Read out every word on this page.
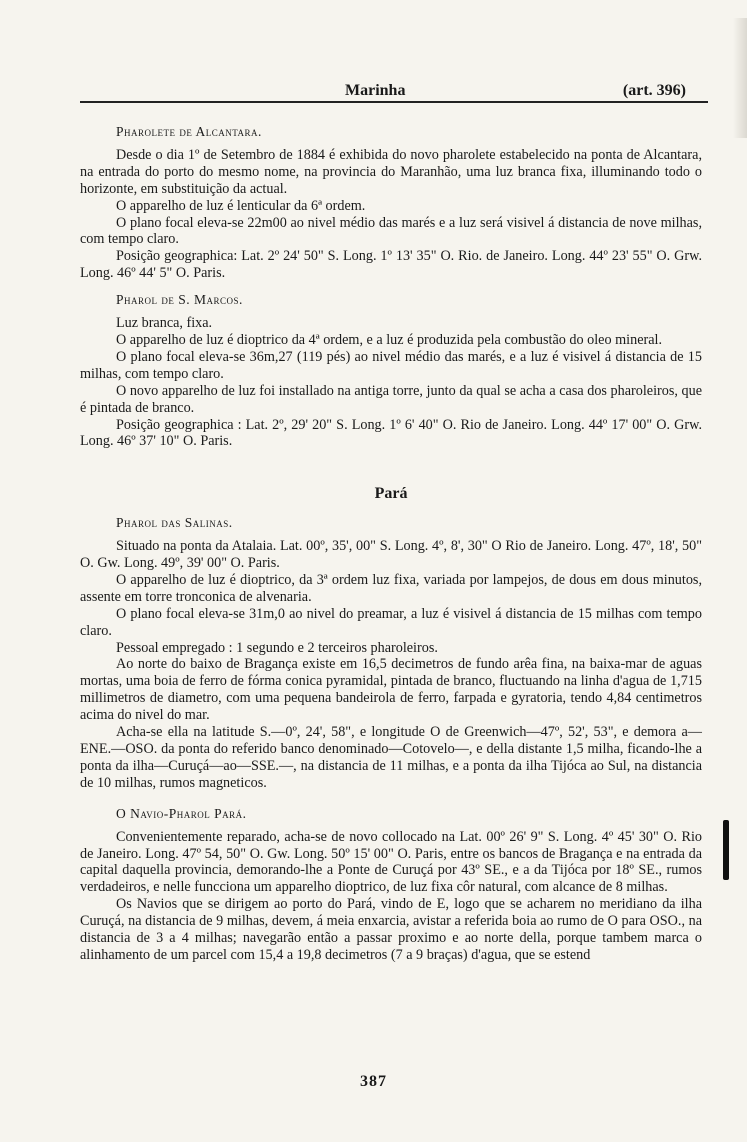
Marinha	(art. 396)
Pharolete de Alcantara.

Desde o dia 1º de Setembro de 1884 é exhibida do novo pharolete estabelecido na ponta de Alcantara, na entrada do porto do mesmo nome, na provincia do Maranhão, uma luz branca fixa, illuminando todo o horizonte, em substituição da actual.

O apparelho de luz é lenticular da 6ª ordem.

O plano focal eleva-se 22m00 ao nivel médio das marés e a luz será visivel á distancia de nove milhas, com tempo claro.

Posição geographica: Lat. 2º 24' 50" S. Long. 1º 13' 35" O. Rio. de Janeiro. Long. 44º 23' 55" O. Grw. Long. 46º 44' 5" O. Paris.

Pharol de S. Marcos.

Luz branca, fixa.

O apparelho de luz é dioptrico da 4ª ordem, e a luz é produzida pela combustão do oleo mineral.

O plano focal eleva-se 36m,27 (119 pés) ao nivel médio das marés, e a luz é visivel á distancia de 15 milhas, com tempo claro.

O novo apparelho de luz foi installado na antiga torre, junto da qual se acha a casa dos pharoleiros, que é pintada de branco.

Posição geographica : Lat. 2º, 29' 20" S. Long. 1º 6' 40" O. Rio de Janeiro. Long. 44º 17' 00" O. Grw. Long. 46º 37' 10" O. Paris.

Pará
Pharol das Salinas.

Situado na ponta da Atalaia. Lat. 00º, 35', 00" S. Long. 4º, 8', 30" O Rio de Janeiro. Long. 47º, 18', 50" O. Gw. Long. 49º, 39' 00" O. Paris.

O apparelho de luz é dioptrico, da 3ª ordem luz fixa, variada por lampejos, de dous em dous minutos, assente em torre tronconica de alvenaria.

O plano focal eleva-se 31m,0 ao nivel do preamar, a luz é visivel á distancia de 15 milhas com tempo claro.

Pessoal empregado : 1 segundo e 2 terceiros pharoleiros.

Ao norte do baixo de Bragança existe em 16,5 decimetros de fundo arêa fina, na baixa-mar de aguas mortas, uma boia de ferro de fórma conica pyramidal, pintada de branco, fluctuando na linha d'agua de 1,715 millimetros de diametro, com uma pequena bandeirola de ferro, farpada e gyratoria, tendo 4,84 centimetros acima do nivel do mar.

Acha-se ella na latitude S.—0º, 24', 58", e longitude O de Greenwich—47º, 52', 53", e demora a—ENE.—OSO. da ponta do referido banco denominado—Cotovelo—, e della distante 1,5 milha, ficando-lhe a ponta da ilha—Curuçá—ao—SSE.—, na distancia de 11 milhas, e a ponta da ilha Tijóca ao Sul, na distancia de 10 milhas, rumos magneticos.

O Navio-Pharol Pará.

Convenientemente reparado, acha-se de novo collocado na Lat. 00º 26' 9" S. Long. 4º 45' 30" O. Rio de Janeiro. Long. 47º 54, 50" O. Gw. Long. 50º 15' 00" O. Paris, entre os bancos de Bragança e na entrada da capital daquella provincia, demorando-lhe a Ponte de Curuçá por 43º SE., e a da Tijóca por 18º SE., rumos verdadeiros, e nelle funcciona um apparelho dioptrico, de luz fixa côr natural, com alcance de 8 milhas.

Os Navios que se dirigem ao porto do Pará, vindo de E, logo que se acharem no meridiano da ilha Curuçá, na distancia de 9 milhas, devem, á meia enxarcia, avistar a referida boia ao rumo de O para OSO., na distancia de 3 a 4 milhas; navegarão então a passar proximo e ao norte della, porque tambem marca o alinhamento de um parcel com 15,4 a 19,8 decimetros (7 a 9 braças) d'agua, que se estend

387
